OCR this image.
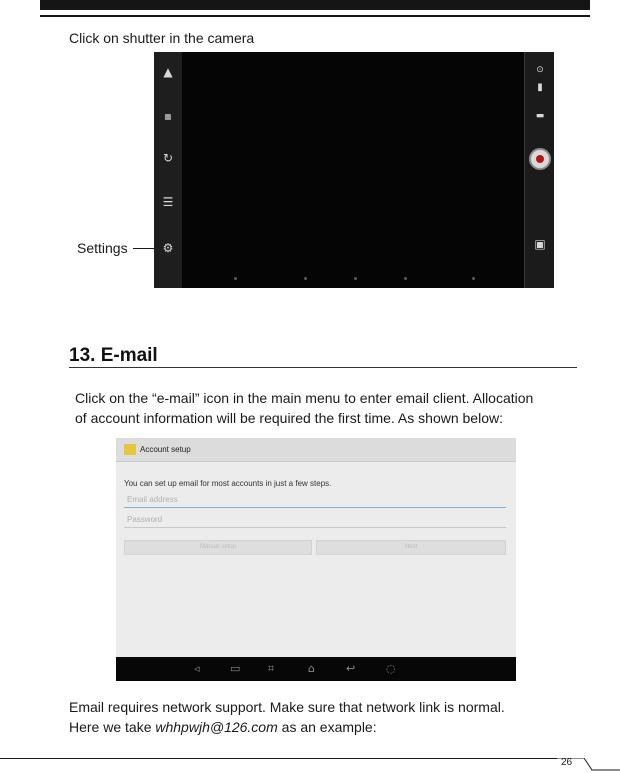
Click on shutter in the camera
▲
▪
↻
☰
⚙
⊙
▮
▬
▣
Settings
13. E-mail
Click on the “e-mail” icon in the main menu to enter email client. Allocation
of account information will be required the first time. As shown below:
Account setup
You can set up email for most accounts in just a few steps.
Email address
Password
Manual setup	Next
◃	▭	⌗	⌂	↩	◌
Email requires network support. Make sure that network link is normal.
Here we take whhpwjh@126.com as an example:
26
